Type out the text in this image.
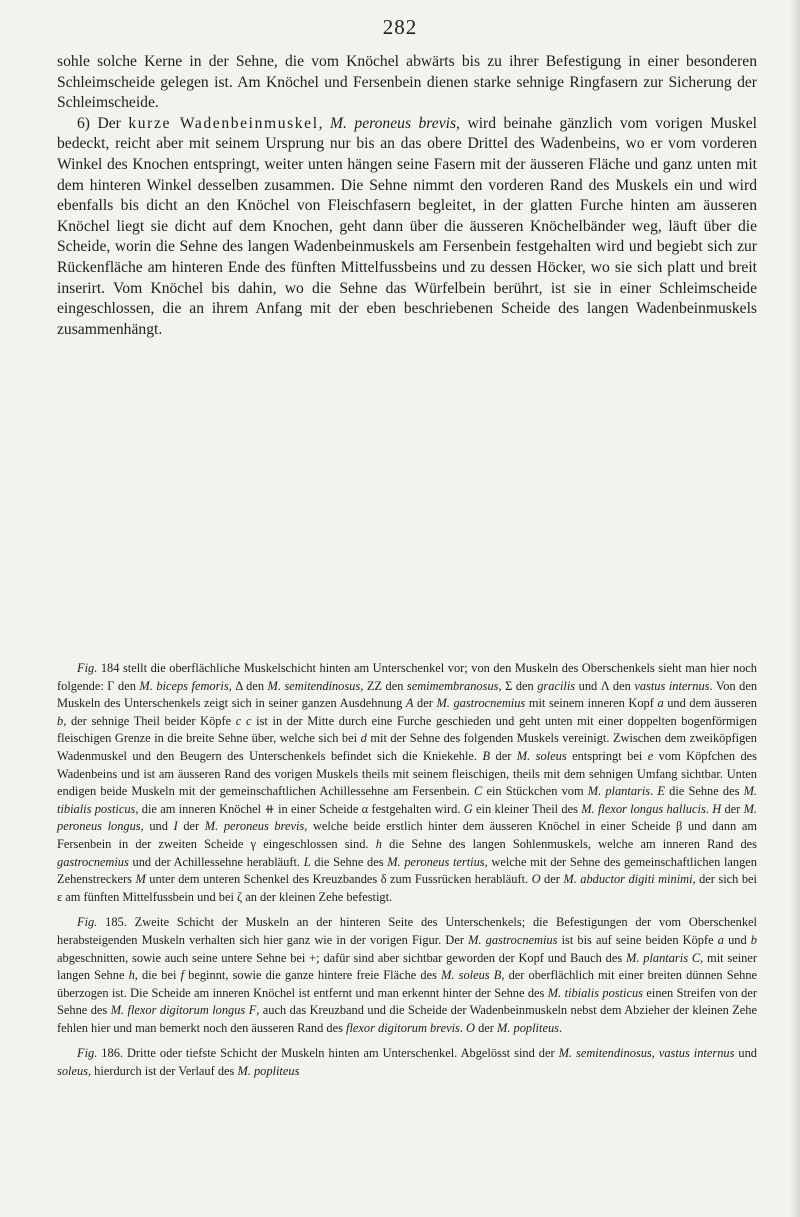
282

sohle solche Kerne in der Sehne, die vom Knöchel abwärts bis zu ihrer Befestigung in einer besonderen Schleimscheide gelegen ist. Am Knöchel und Fersenbein dienen starke sehnige Ringfasern zur Sicherung der Schleimscheide.

6) Der kurze Wadenbeinmuskel, M. peroneus brevis, wird beinahe gänzlich vom vorigen Muskel bedeckt, reicht aber mit seinem Ursprung nur bis an das obere Drittel des Wadenbeins, wo er vom vorderen Winkel des Knochen entspringt, weiter unten hängen seine Fasern mit der äusseren Fläche und ganz unten mit dem hinteren Winkel desselben zusammen. Die Sehne nimmt den vorderen Rand des Muskels ein und wird ebenfalls bis dicht an den Knöchel von Fleischfasern begleitet, in der glatten Furche hinten am äusseren Knöchel liegt sie dicht auf dem Knochen, geht dann über die äusseren Knöchelbänder weg, läuft über die Scheide, worin die Sehne des langen Wadenbeinmuskels am Fersenbein festgehalten wird und begiebt sich zur Rückenfläche am hinteren Ende des fünften Mittelfussbeins und zu dessen Höcker, wo sie sich platt und breit inserirt. Vom Knöchel bis dahin, wo die Sehne das Würfelbein berührt, ist sie in einer Schleimscheide eingeschlossen, die an ihrem Anfang mit der eben beschriebenen Scheide des langen Wadenbeinmuskels zusammenhängt.

Fig. 184 stellt die oberflächliche Muskelschicht hinten am Unterschenkel vor; von den Muskeln des Oberschenkels sieht man hier noch folgende: Γ den M. biceps femoris, Δ den M. semitendinosus, ZZ den semimembranosus, Σ den gracilis und Λ den vastus internus. Von den Muskeln des Unterschenkels zeigt sich in seiner ganzen Ausdehnung A der M. gastrocnemius mit seinem inneren Kopf a und dem äusseren b, der sehnige Theil beider Köpfe c c ist in der Mitte durch eine Furche geschieden und geht unten mit einer doppelten bogenförmigen fleischigen Grenze in die breite Sehne über, welche sich bei d mit der Sehne des folgenden Muskels vereinigt. Zwischen dem zweiköpfigen Wadenmuskel und den Beugern des Unterschenkels befindet sich die Kniekehle. B der M. soleus entspringt bei e vom Köpfchen des Wadenbeins und ist am äusseren Rand des vorigen Muskels theils mit seinem fleischigen, theils mit dem sehnigen Umfang sichtbar. Unten endigen beide Muskeln mit der gemeinschaftlichen Achillessehne am Fersenbein. C ein Stückchen vom M. plantaris. E die Sehne des M. tibialis posticus, die am inneren Knöchel ⧺ in einer Scheide α festgehalten wird. G ein kleiner Theil des M. flexor longus hallucis. H der M. peroneus longus, und I der M. peroneus brevis, welche beide erstlich hinter dem äusseren Knöchel in einer Scheide β und dann am Fersenbein in der zweiten Scheide γ eingeschlossen sind. h die Sehne des langen Sohlenmuskels, welche am inneren Rand des gastrocnemius und der Achillessehne herabläuft. L die Sehne des M. peroneus tertius, welche mit der Sehne des gemeinschaftlichen langen Zehenstreckers M unter dem unteren Schenkel des Kreuzbandes δ zum Fussrücken herabläuft. O der M. abductor digiti minimi, der sich bei ε am fünften Mittelfussbein und bei ζ an der kleinen Zehe befestigt.

Fig. 185. Zweite Schicht der Muskeln an der hinteren Seite des Unterschenkels; die Befestigungen der vom Oberschenkel herabsteigenden Muskeln verhalten sich hier ganz wie in der vorigen Figur. Der M. gastrocnemius ist bis auf seine beiden Köpfe a und b abgeschnitten, sowie auch seine untere Sehne bei +; dafür sind aber sichtbar geworden der Kopf und Bauch des M. plantaris C, mit seiner langen Sehne h, die bei f beginnt, sowie die ganze hintere freie Fläche des M. soleus B, der oberflächlich mit einer breiten dünnen Sehne überzogen ist. Die Scheide am inneren Knöchel ist entfernt und man erkennt hinter der Sehne des M. tibialis posticus einen Streifen von der Sehne des M. flexor digitorum longus F, auch das Kreuzband und die Scheide der Wadenbeinmuskeln nebst dem Abzieher der kleinen Zehe fehlen hier und man bemerkt noch den äusseren Rand des flexor digitorum brevis. O der M. popliteus.

Fig. 186. Dritte oder tiefste Schicht der Muskeln hinten am Unterschenkel. Abgelösst sind der M. semitendinosus, vastus internus und soleus, hierdurch ist der Verlauf des M. popliteus
